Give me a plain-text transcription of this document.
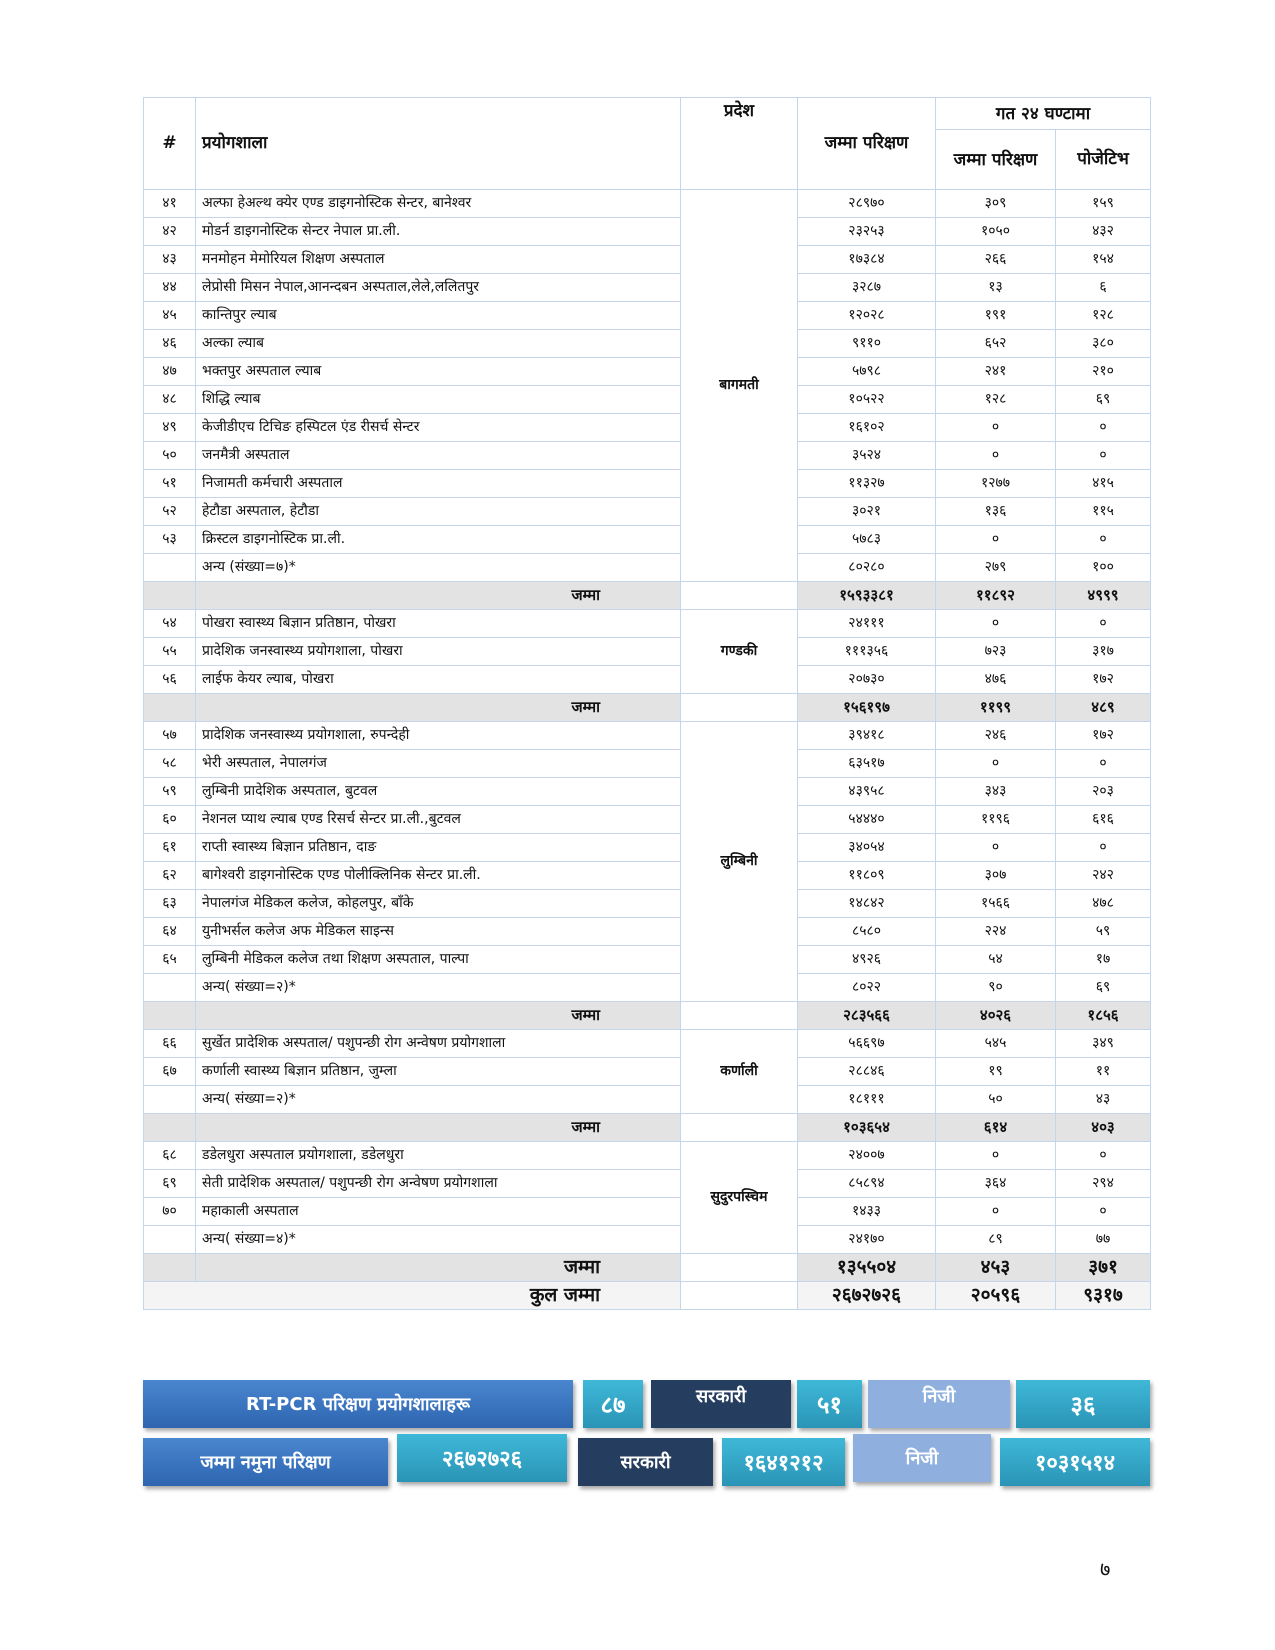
#	प्रयोगशाला	प्रदेश	जम्मा परिक्षण	गत २४ घण्टामा	
				जम्मा परिक्षण	पोजेटिभ
४१	अल्फा हेअल्थ क्येर एण्ड डाइगनोस्टिक सेन्टर, बानेश्वर	बागमती	२८९७०	३०९	१५९
४२	मोडर्न डाइगनोस्टिक सेन्टर नेपाल प्रा.ली.		२३२५३	१०५०	४३२
४३	मनमोहन मेमोरियल शिक्षण अस्पताल		१७३८४	२६६	१५४
४४	लेप्रोसी मिसन नेपाल,आनन्दबन अस्पताल,लेले,ललितपुर		३२८७	१३	६
४५	कान्तिपुर ल्याब		१२०२८	१९१	१२८
४६	अल्का ल्याब		९११०	६५२	३८०
४७	भक्तपुर अस्पताल ल्याब		५७९८	२४१	२१०
४८	शिद्धि ल्याब		१०५२२	१२८	६९
४९	केजीडीएच टिचिङ हस्पिटल एंड रीसर्च सेन्टर		१६१०२	०	०
५०	जनमैत्री अस्पताल		३५२४	०	०
५१	निजामती कर्मचारी अस्पताल		११३२७	१२७७	४१५
५२	हेटौडा अस्पताल, हेटौडा		३०२१	१३६	११५
५३	क्रिस्टल डाइगनोस्टिक प्रा.ली.		५७८३	०	०
	अन्य (संख्या=७)*		८०२८०	२७९	१००
	जम्मा		१५९३३८१	११८९२	४९९९
५४	पोखरा स्वास्थ्य बिज्ञान प्रतिष्ठान, पोखरा	गण्डकी	२४१११	०	०
५५	प्रादेशिक जनस्वास्थ्य प्रयोगशाला, पोखरा		१११३५६	७२३	३१७
५६	लाईफ केयर ल्याब, पोखरा		२०७३०	४७६	१७२
	जम्मा		१५६१९७	११९९	४८९
५७	प्रादेशिक जनस्वास्थ्य प्रयोगशाला, रुपन्देही	लुम्बिनी	३९४१८	२४६	१७२
५८	भेरी अस्पताल, नेपालगंज		६३५१७	०	०
५९	लुम्बिनी प्रादेशिक अस्पताल, बुटवल		४३९५८	३४३	२०३
६०	नेशनल प्याथ ल्याब एण्ड रिसर्च सेन्टर प्रा.ली.,बुटवल		५४४४०	११९६	६१६
६१	राप्ती स्वास्थ्य बिज्ञान प्रतिष्ठान, दाङ		३४०५४	०	०
६२	बागेश्वरी डाइगनोस्टिक एण्ड पोलीक्लिनिक सेन्टर प्रा.ली.		११८०९	३०७	२४२
६३	नेपालगंज मेडिकल कलेज, कोहलपुर, बाँके		१४८४२	१५६६	४७८
६४	युनीभर्सल कलेज अफ मेडिकल साइन्स		८५८०	२२४	५९
६५	लुम्बिनी मेडिकल कलेज तथा शिक्षण अस्पताल, पाल्पा		४९२६	५४	१७
	अन्य( संख्या=२)*		८०२२	९०	६९
	जम्मा		२८३५६६	४०२६	१८५६
६६	सुर्खेत प्रादेशिक अस्पताल/ पशुपन्छी रोग अन्वेषण प्रयोगशाला	कर्णाली	५६६९७	५४५	३४९
६७	कर्णाली स्वास्थ्य बिज्ञान प्रतिष्ठान, जुम्ला		२८८४६	१९	११
	अन्य( संख्या=२)*		१८१११	५०	४३
	जम्मा		१०३६५४	६१४	४०३
६८	डडेलधुरा अस्पताल प्रयोगशाला, डडेलधुरा	सुदुरपस्चिम	२४००७	०	०
६९	सेती प्रादेशिक अस्पताल/ पशुपन्छी रोग अन्वेषण प्रयोगशाला		८५८९४	३६४	२९४
७०	महाकाली अस्पताल		१४३३	०	०
	अन्य( संख्या=४)*		२४१७०	८९	७७
	जम्मा		१३५५०४	४५३	३७१
कुल जम्मा			२६७२७२६	२०५९६	९३१७
RT-PCR परिक्षण प्रयोगशालाहरू	८७	सरकारी	५१	निजी	३६
जम्मा नमुना परिक्षण	२६७२७२६	सरकारी	१६४१२१२	निजी	१०३१५१४
७
